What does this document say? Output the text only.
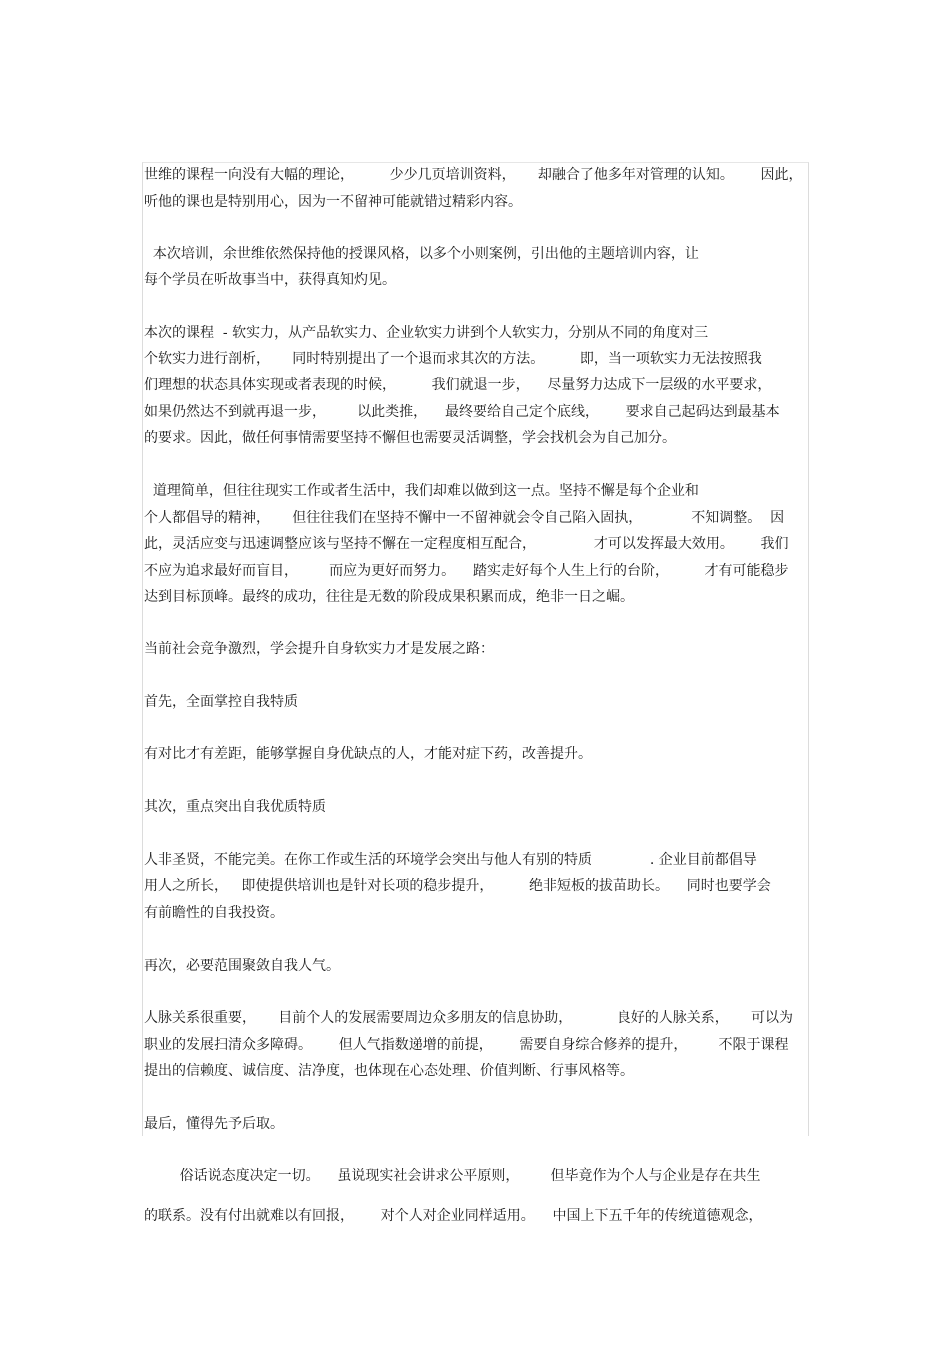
世维的课程一向没有大幅的理论，        少少几页培训资料，     却融合了他多年对管理的认知。      因此，
听他的课也是特别用心，因为一不留神可能就错过精彩内容。
本次培训，余世维依然保持他的授课风格，以多个小则案例，引出他的主题培训内容，让
每个学员在听故事当中，获得真知灼见。
本次的课程  - 软实力，从产品软实力、企业软实力讲到个人软实力，分别从不同的角度对三
个软实力进行剖析，     同时特别提出了一个退而求其次的方法。        即，当一项软实力无法按照我
们理想的状态具体实现或者表现的时候，        我们就退一步，    尽量努力达成下一层级的水平要求，
如果仍然达不到就再退一步，       以此类推，    最终要给自己定个底线，      要求自己起码达到最基本
的要求。因此，做任何事情需要坚持不懈但也需要灵活调整，学会找机会为自己加分。
道理简单，但往往现实工作或者生活中，我们却难以做到这一点。坚持不懈是每个企业和
个人都倡导的精神，     但往往我们在坚持不懈中一不留神就会令自己陷入固执，           不知调整。  因
此，灵活应变与迅速调整应该与坚持不懈在一定程度相互配合，             才可以发挥最大效用。      我们
不应为追求最好而盲目，       而应为更好而努力。    踏实走好每个人生上行的台阶，        才有可能稳步
达到目标顶峰。最终的成功，往往是无数的阶段成果积累而成，绝非一日之崛。
当前社会竞争激烈，学会提升自身软实力才是发展之路：
首先，全面掌控自我特质
有对比才有差距，能够掌握自身优缺点的人，才能对症下药，改善提升。
其次，重点突出自我优质特质
人非圣贤，不能完美。在你工作或生活的环境学会突出与他人有别的特质             . 企业目前都倡导
用人之所长，   即使提供培训也是针对长项的稳步提升，        绝非短板的拔苗助长。    同时也要学会
有前瞻性的自我投资。
再次，必要范围聚敛自我人气。
人脉关系很重要，     目前个人的发展需要周边众多朋友的信息协助，          良好的人脉关系，     可以为
职业的发展扫清众多障碍。      但人气指数递增的前提，      需要自身综合修养的提升，       不限于课程
提出的信赖度、诚信度、洁净度，也体现在心态处理、价值判断、行事风格等。
最后，懂得先予后取。
俗话说态度决定一切。    虽说现实社会讲求公平原则，       但毕竟作为个人与企业是存在共生
的联系。没有付出就难以有回报，      对个人对企业同样适用。    中国上下五千年的传统道德观念，
